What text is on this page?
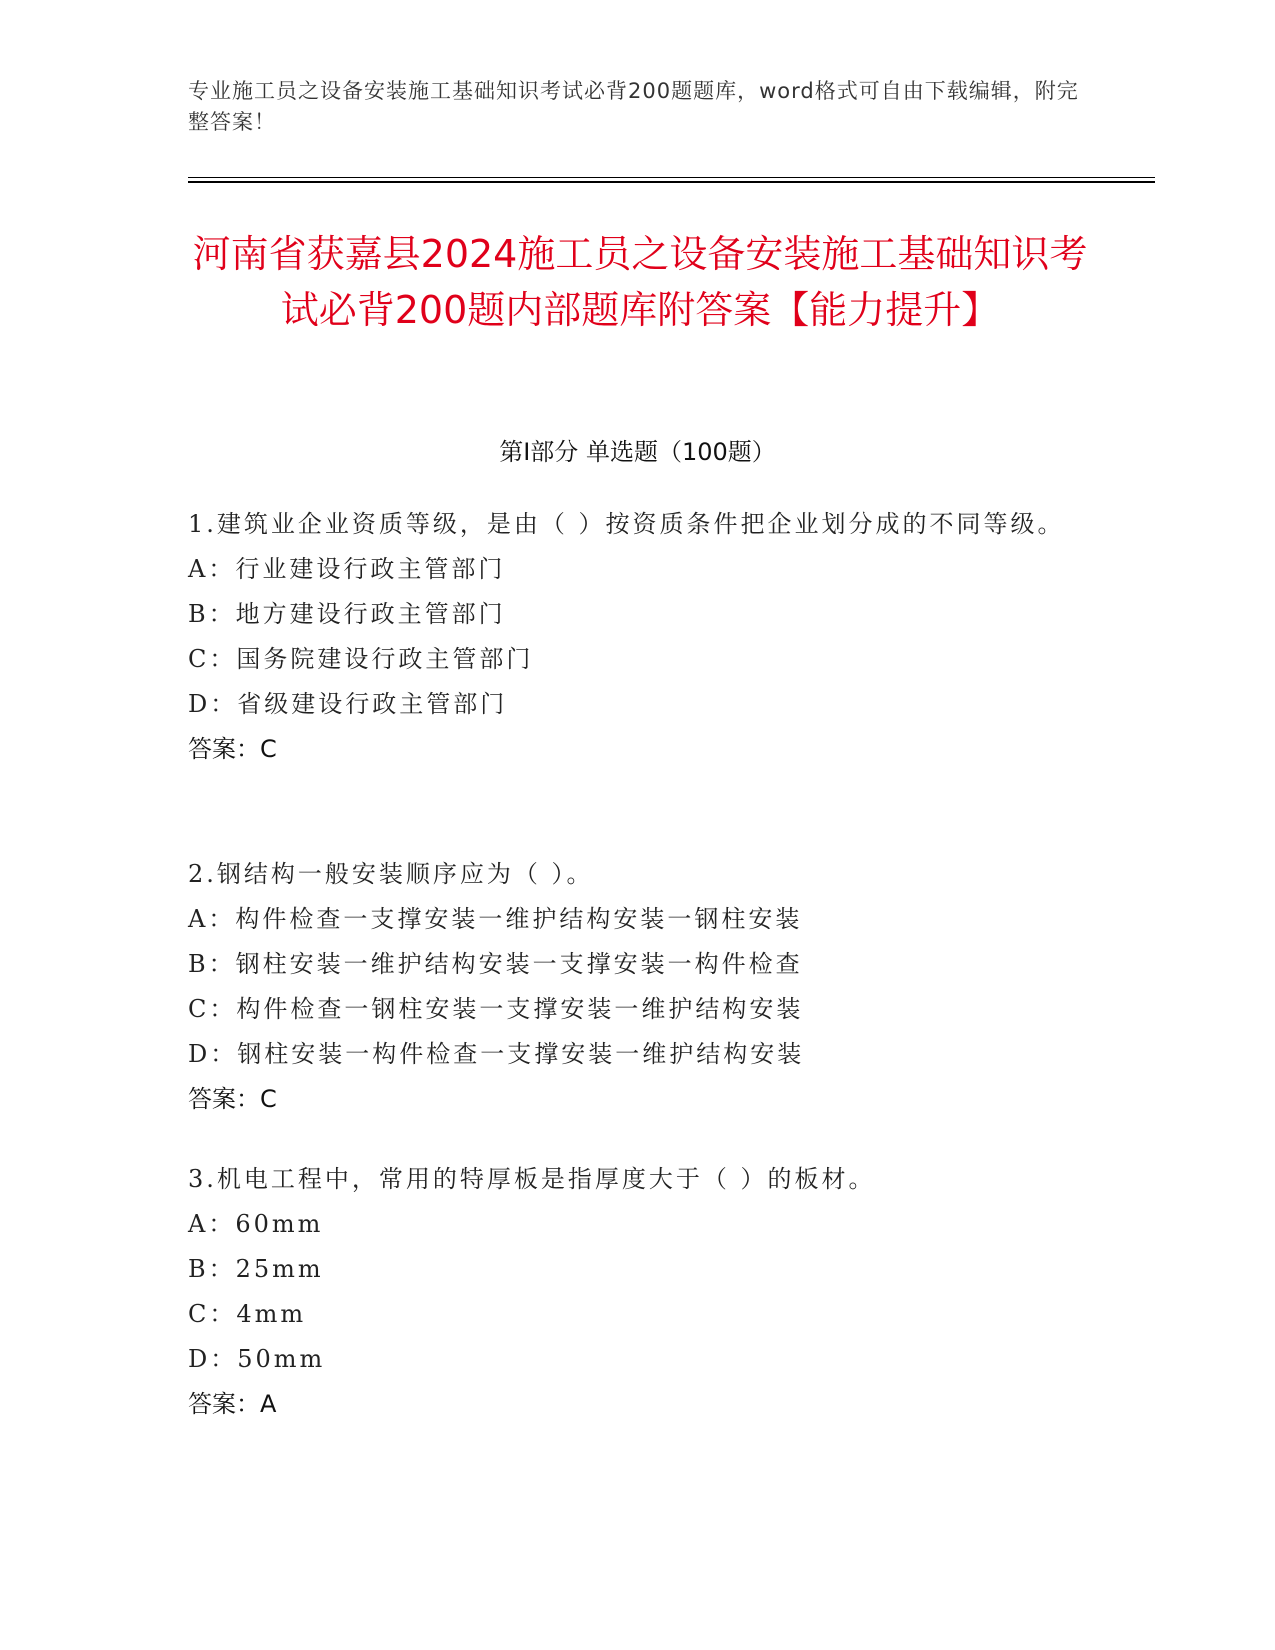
专业施工员之设备安装施工基础知识考试必背200题题库，word格式可自由下载编辑，附完整答案！
河南省获嘉县2024施工员之设备安装施工基础知识考试必背200题内部题库附答案【能力提升】
第I部分 单选题（100题）
1.建筑业企业资质等级，是由（ ）按资质条件把企业划分成的不同等级。
A：行业建设行政主管部门
B：地方建设行政主管部门
C：国务院建设行政主管部门
D：省级建设行政主管部门
答案：C
2.钢结构一般安装顺序应为（ ）。
A：构件检查一支撑安装一维护结构安装一钢柱安装
B：钢柱安装一维护结构安装一支撑安装一构件检查
C：构件检查一钢柱安装一支撑安装一维护结构安装
D：钢柱安装一构件检查一支撑安装一维护结构安装
答案：C
3.机电工程中，常用的特厚板是指厚度大于（ ）的板材。
A：60mm
B：25mm
C：4mm
D：50mm
答案：A
